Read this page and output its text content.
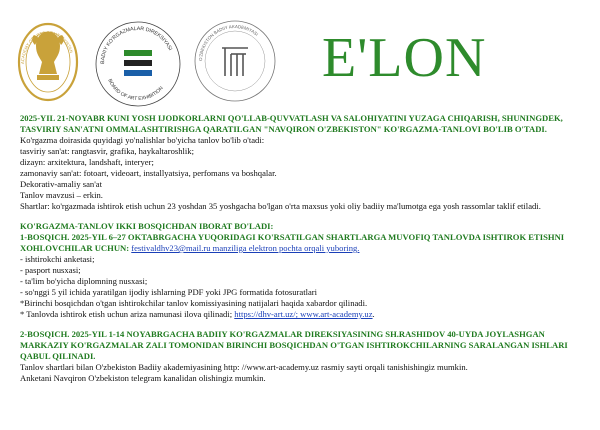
ACADEMY OF ARTS OF UZBEKISTAN
BADIIY KO'RGAZMALAR DIREKSIYASI
BOARD OF ART EXHIBITION
O'ZBEKISTON BADIIY AKADEMIYASI E'LON
2025-YIL 21-NOYABR KUNI YOSH IJODKORLARNI QO'LLAB-QUVVATLASH VA SALOHIYATINI YUZAGA CHIQARISH, SHUNINGDEK, TASVIRIY SAN'ATNI OMMALASHTIRISHGA QARATILGAN "NAVQIRON O'ZBEKISTON" KO'RGAZMA-TANLOVI BO'LIB O'TADI.
Ko'rgazma doirasida quyidagi yo'nalishlar bo'yicha tanlov bo'lib o'tadi:
tasviriy san'at: rangtasvir, grafika, haykaltaroshlik;
dizayn: arxitektura, landshaft, interyer;
zamonaviy san'at: fotoart, videoart, installyatsiya, perfomans va boshqalar.
Dekorativ-amaliy san'at
Tanlov mavzusi – erkin.
Shartlar: ko'rgazmada ishtirok etish uchun 23 yoshdan 35 yoshgacha bo'lgan o'rta maxsus yoki oliy badiiy ma'lumotga ega yosh rassomlar taklif etiladi.
KO'RGAZMA-TANLOV IKKI BOSQICHDAN IBORAT BO'LADI:
1-BOSQICH. 2025-YIL 6–27 OKTABRGACHA YUQORIDAGI KO'RSATILGAN SHARTLARGA MUVOFIQ TANLOVDA ISHTIROK ETISHNI XOHLOVCHILAR UCHUN: festivaldhv23@mail.ru manziliga elektron pochta orqali yuboring.
- ishtirokchi anketasi;
- pasport nusxasi;
- ta'lim bo'yicha diplomning nusxasi;
- so'nggi 5 yil ichida yaratilgan ijodiy ishlarning PDF yoki JPG formatida fotosuratlari
*Birinchi bosqichdan o'tgan ishtirokchilar tanlov komissiyasining natijalari haqida xabardor qilinadi.
* Tanlovda ishtirok etish uchun ariza namunasi ilova qilinadi; https://dhv-art.uz/; www.art-academy.uz.
2-BOSQICH. 2025-YIL 1-14 NOYABRGACHA BADIIY KO'RGAZMALAR DIREKSIYASINING SH.RASHIDOV 40-UYDA JOYLASHGAN MARKAZIY KO'RGAZMALAR ZALI TOMONIDAN BIRINCHI BOSQICHDAN O'TGAN ISHTIROKCHILARNING SARALANGAN ISHLARI QABUL QILINADI.
Tanlov shartlari bilan O'zbekiston Badiiy akademiyasining http: //www.art-academy.uz rasmiy sayti orqali tanishishingiz mumkin.
Anketani Navqiron O'zbekiston telegram kanalidan olishingiz mumkin.
